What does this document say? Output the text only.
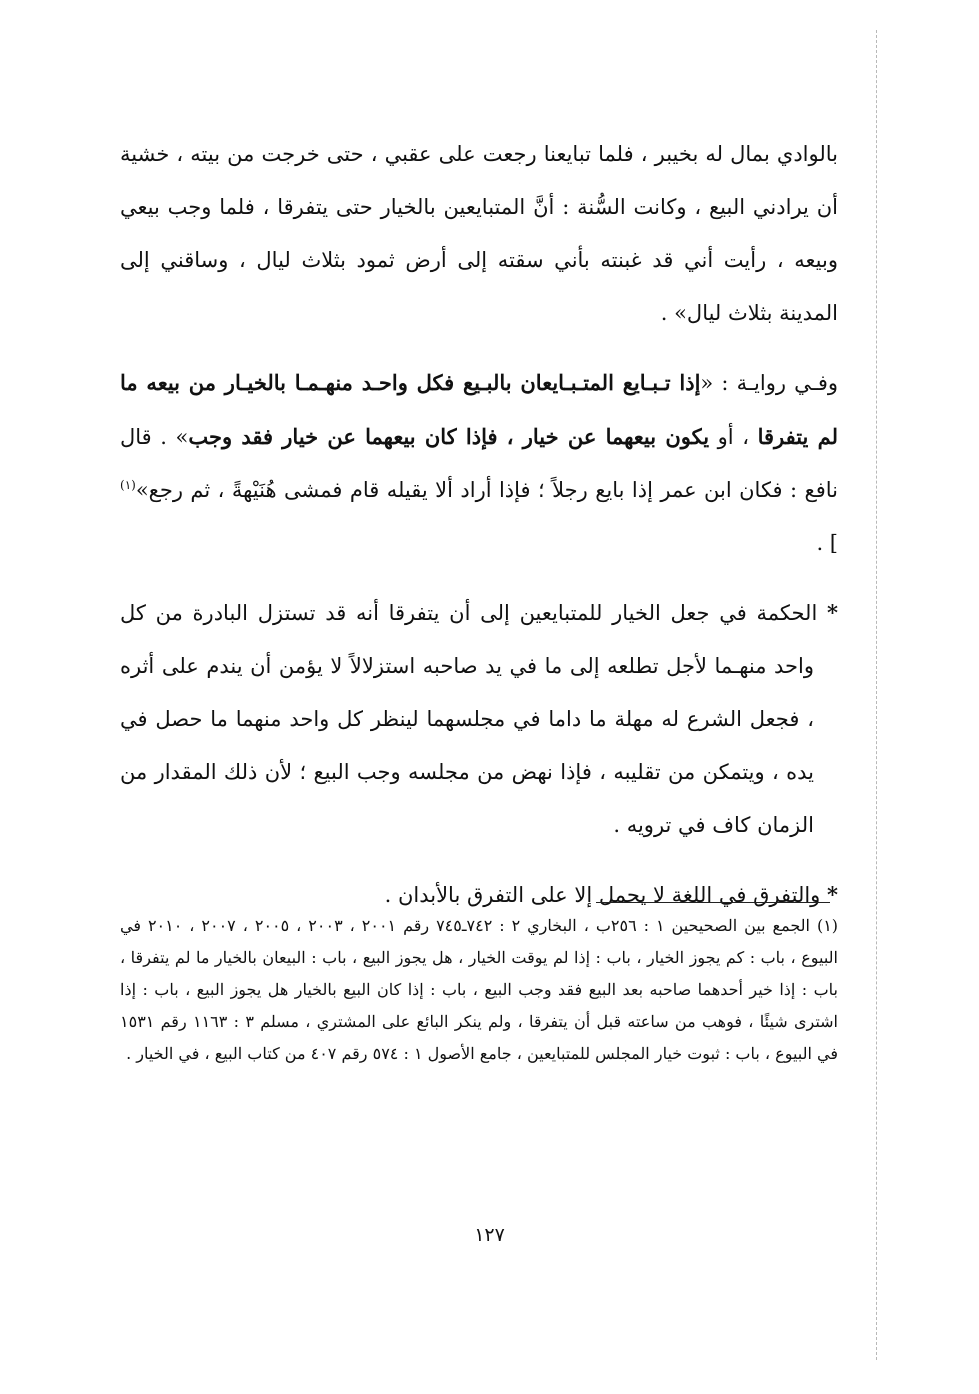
بالوادي بمال له بخيبر ، فلما تبايعنا رجعت على عقبي ، حتى خرجت من بيته ، خشية أن يرادني البيع ، وكانت السُّنة : أنَّ المتبايعين بالخيار حتى يتفرقا ، فلما وجب بيعي وبيعه ، رأيت أني قد غبنته بأني سقته إلى أرض ثمود بثلاث ليال ، وساقني إلى المدينة بثلاث ليال» .

وفـي روايـة : «إذا تـبـايع المتـبـايعان بالبـيع فكل واحـد منهـمـا بالخيـار من بيعه ما لم يتفرقا ، أو يكون بيعهما عن خيار ، فإذا كان بيعهما عن خيار فقد وجب» . قال نافع : فكان ابن عمر إذا بايع رجلاً ؛ فإذا أراد ألا يقيله قام فمشى هُنَيْهةً ، ثم رجع»$^{(١)}$ ] .

* الحكمة في جعل الخيار للمتبايعين إلى أن يتفرقا أنه قد تستزل البادرة من كل واحد منهـما لأجل تطلعه إلى ما في يد صاحبه استزلالاً لا يؤمن أن يندم على أثره ، فجعل الشرع له مهلة ما داما في مجلسهما لينظر كل واحد منهما ما حصل في يده ، ويتمكن من تقليبه ، فإذا نهض من مجلسه وجب البيع ؛ لأن ذلك المقدار من الزمان كاف في ترويه .

* والتفرق في اللغة لا يحمل إلا على التفرق بالأبدان .

(١) الجمع بين الصحيحين ١ : ٢٥٦ب ، البخاري ٢ : ٧٤٢ـ٧٤٥ رقم ٢٠٠١ ، ٢٠٠٣ ، ٢٠٠٥ ، ٢٠٠٧ ، ٢٠١٠ في البيوع ، باب : كم يجوز الخيار ، باب : إذا لم يوقت الخيار ، هل يجوز البيع ، باب : البيعان بالخيار ما لم يتفرقا ، باب : إذا خير أحدهما صاحبه بعد البيع فقد وجب البيع ، باب : إذا كان البيع بالخيار هل يجوز البيع ، باب : إذا اشترى شيئًا ، فوهب من ساعته قبل أن يتفرقا ، ولم ينكر البائع على المشتري ، مسلم ٣ : ١١٦٣ رقم ١٥٣١ في البيوع ، باب : ثبوت خيار المجلس للمتبايعين ، جامع الأصول ١ : ٥٧٤ رقم ٤٠٧ من كتاب البيع ، في الخيار .
١٢٧
